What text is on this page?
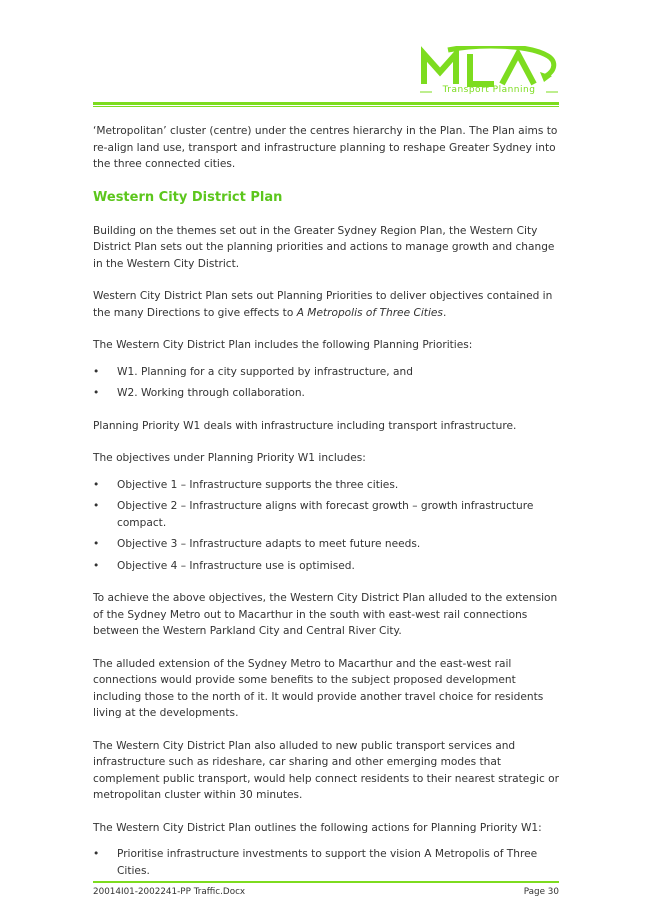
Transport Planning

‘Metropolitan’ cluster (centre) under the centres hierarchy in the Plan. The Plan aims to re-align land use, transport and infrastructure planning to reshape Greater Sydney into the three connected cities.

Western City District Plan

Building on the themes set out in the Greater Sydney Region Plan, the Western City District Plan sets out the planning priorities and actions to manage growth and change in the Western City District.

Western City District Plan sets out Planning Priorities to deliver objectives contained in the many Directions to give effects to A Metropolis of Three Cities.

The Western City District Plan includes the following Planning Priorities:

• W1. Planning for a city supported by infrastructure, and
• W2. Working through collaboration.

Planning Priority W1 deals with infrastructure including transport infrastructure.

The objectives under Planning Priority W1 includes:

• Objective 1 – Infrastructure supports the three cities.
• Objective 2 – Infrastructure aligns with forecast growth – growth infrastructure compact.
• Objective 3 – Infrastructure adapts to meet future needs.
• Objective 4 – Infrastructure use is optimised.

To achieve the above objectives, the Western City District Plan alluded to the extension of the Sydney Metro out to Macarthur in the south with east-west rail connections between the Western Parkland City and Central River City.

The alluded extension of the Sydney Metro to Macarthur and the east-west rail connections would provide some benefits to the subject proposed development including those to the north of it. It would provide another travel choice for residents living at the developments.

The Western City District Plan also alluded to new public transport services and infrastructure such as rideshare, car sharing and other emerging modes that complement public transport, would help connect residents to their nearest strategic or metropolitan cluster within 30 minutes.

The Western City District Plan outlines the following actions for Planning Priority W1:

• Prioritise infrastructure investments to support the vision A Metropolis of Three Cities.
20014I01-2002241-PP Traffic.Docx	Page 30
